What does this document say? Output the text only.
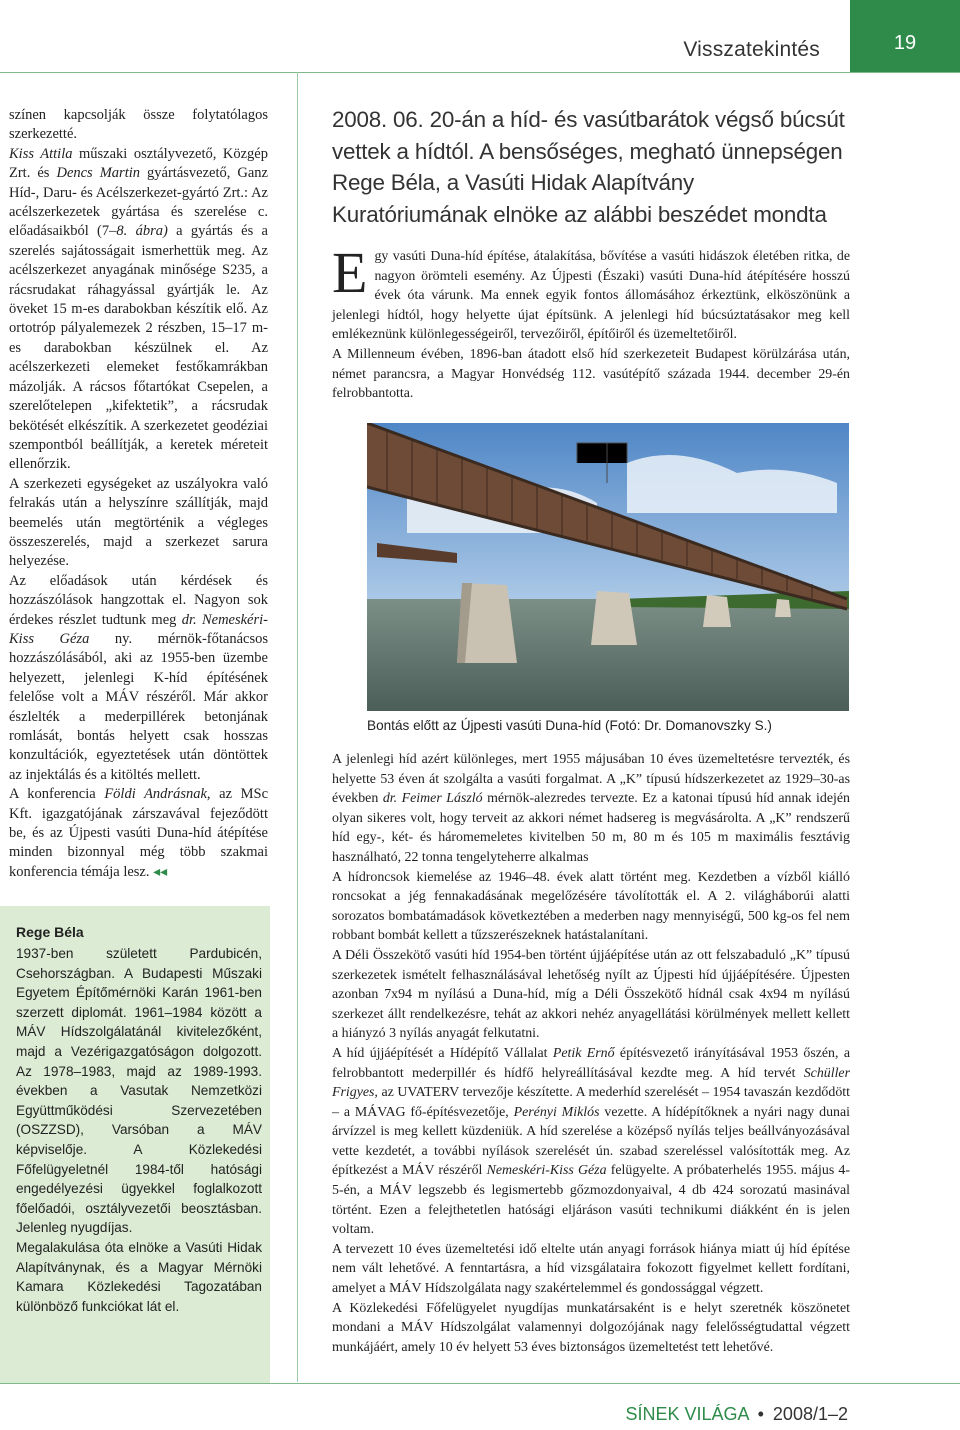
Visszatekintés	19

színen kapcsolják össze folytatólagos szerkezetté.

Kiss Attila műszaki osztályvezető, Közgép Zrt. és Dencs Martin gyártásvezető, Ganz Híd-, Daru- és Acélszerkezet-gyártó Zrt.: Az acélszerkezetek gyártása és szerelése c. előadásaikból (7–8. ábra) a gyártás és a szerelés sajátosságait ismerhettük meg. Az acélszerkezet anyagának minősége S235, a rácsrudakat ráhagyással gyártják le. Az öveket 15 m-es darabokban készítik elő. Az ortotróp pályalemezek 2 részben, 15–17 m-es darabokban készülnek el. Az acélszerkezeti elemeket festőkamrákban mázolják. A rácsos főtartókat Csepelen, a szerelőtelepen „kifektetik”, a rácsrudak bekötését elkészítik. A szerkezetet geodéziai szempontból beállítják, a keretek méreteit ellenőrzik.

A szerkezeti egységeket az uszályokra való felrakás után a helyszínre szállítják, majd beemelés után megtörténik a végleges összeszerelés, majd a szerkezet sarura helyezése.

Az előadások után kérdések és hozzászólások hangzottak el. Nagyon sok érdekes részlet tudtunk meg dr. Nemeskéri-Kiss Géza ny. mérnök-főtanácsos hozzászólásából, aki az 1955-ben üzembe helyezett, jelenlegi K-híd építésének felelőse volt a MÁV részéről. Már akkor észlelték a mederpillérek betonjának romlását, bontás helyett csak hosszas konzultációk, egyeztetések után döntöttek az injektálás és a kitöltés mellett.

A konferencia Földi Andrásnak, az MSc Kft. igazgatójának zárszavával fejeződött be, és az Újpesti vasúti Duna-híd átépítése minden bizonnyal még több szakmai konferencia témája lesz. ◂◂

Rege Béla

1937-ben született Pardubicén, Csehországban. A Budapesti Műszaki Egyetem Építőmérnöki Karán 1961-ben szerzett diplomát. 1961–1984 között a MÁV Hídszolgálatánál kivitelezőként, majd a Vezérigazgatóságon dolgozott. Az 1978–1983, majd az 1989-1993. években a Vasutak Nemzetközi Együttműködési Szervezetében (OSZZSD), Varsóban a MÁV képviselője. A Közlekedési Főfelügyeletnél 1984-től hatósági engedélyezési ügyekkel foglalkozott főelőadói, osztályvezetői beosztásban. Jelenleg nyugdíjas.

Megalakulása óta elnöke a Vasúti Hidak Alapítványnak, és a Magyar Mérnöki Kamara Közlekedési Tagozatában különböző funkciókat lát el.

2008. 06. 20-án a híd- és vasútbarátok végső búcsút vettek a hídtól. A bensőséges, megható ünnepségen Rege Béla, a Vasúti Hidak Alapítvány Kuratóriumának elnöke az alábbi beszédet mondta
E gy vasúti Duna-híd építése, átalakítása, bővítése a vasúti hidászok életében ritka, de nagyon örömteli esemény. Az Újpesti (Északi) vasúti Duna-híd átépítésére hosszú évek óta várunk. Ma ennek egyik fontos állomásához érkeztünk, elköszönünk a jelenlegi hídtól, hogy helyette újat építsünk. A jelenlegi híd búcsúztatásakor meg kell emlékeznünk különlegességeiről, tervezőiről, építőiről és üzemeltetőiről.

A Millenneum évében, 1896-ban átadott első híd szerkezeteit Budapest körülzárása után, német parancsra, a Magyar Honvédség 112. vasútépítő százada 1944. december 29-én felrobbantotta.

Bontás előtt az Újpesti vasúti Duna-híd (Fotó: Dr. Domanovszky S.)

A jelenlegi híd azért különleges, mert 1955 májusában 10 éves üzemeltetésre tervezték, és helyette 53 éven át szolgálta a vasúti forgalmat. A „K” típusú hídszerkezetet az 1929–30-as években dr. Feimer László mérnök-alezredes tervezte. Ez a katonai típusú híd annak idején olyan sikeres volt, hogy terveit az akkori német hadsereg is megvásárolta. A „K” rendszerű híd egy-, két- és háromemeletes kivitelben 50 m, 80 m és 105 m maximális fesztávig használható, 22 tonna tengelyteherre alkalmas

A hídroncsok kiemelése az 1946–48. évek alatt történt meg. Kezdetben a vízből kiálló roncsokat a jég fennakadásának megelőzésére távolították el. A 2. világháborúi alatti sorozatos bombatámadások következtében a mederben nagy mennyiségű, 500 kg-os fel nem robbant bombát kellett a tűzszerészeknek hatástalanítani.

A Déli Összekötő vasúti híd 1954-ben történt újjáépítése után az ott felszabaduló „K” típusú szerkezetek ismételt felhasználásával lehetőség nyílt az Újpesti híd újjáépítésére. Újpesten azonban 7x94 m nyílású a Duna-híd, míg a Déli Összekötő hídnál csak 4x94 m nyílású szerkezet állt rendelkezésre, tehát az akkori nehéz anyagellátási körülmények mellett kellett a hiányzó 3 nyílás anyagát felkutatni.

A híd újjáépítését a Hídépítő Vállalat Petik Ernő építésvezető irányításával 1953 őszén, a felrobbantott mederpillér és hídfő helyreállításával kezdte meg. A híd tervét Schüller Frigyes, az UVATERV tervezője készítette. A mederhíd szerelését – 1954 tavaszán kezdődött – a MÁVAG fő-építésvezetője, Perényi Miklós vezette. A hídépítőknek a nyári nagy dunai árvízzel is meg kellett küzdeniük. A híd szerelése a középső nyílás teljes beállványozásával vette kezdetét, a további nyílások szerelését ún. szabad szereléssel valósították meg. Az építkezést a MÁV részéről Nemeskéri-Kiss Géza felügyelte. A próbaterhelés 1955. május 4-5-én, a MÁV legszebb és legismertebb gőzmozdonyaival, 4 db 424 sorozatú masinával történt. Ezen a felejthetetlen hatósági eljáráson vasúti technikumi diákként én is jelen voltam.

A tervezett 10 éves üzemeltetési idő eltelte után anyagi források hiánya miatt új híd építése nem vált lehetővé. A fenntartásra, a híd vizsgálataira fokozott figyelmet kellett fordítani, amelyet a MÁV Hídszolgálata nagy szakértelemmel és gondossággal végzett.

A Közlekedési Főfelügyelet nyugdíjas munkatársaként is e helyt szeretnék köszönetet mondani a MÁV Hídszolgálat valamennyi dolgozójának nagy felelősségtudattal végzett munkájáért, amely 10 év helyett 53 éves biztonságos üzemeltetést tett lehetővé.

SÍNEK VILÁGA • 2008/1–2
